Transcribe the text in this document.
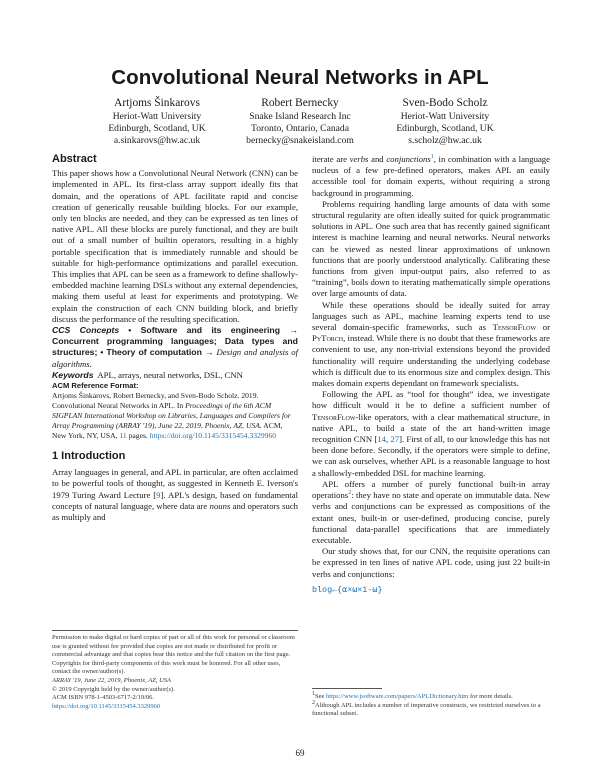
Convolutional Neural Networks in APL
Artjoms Šinkarovs
Heriot-Watt University
Edinburgh, Scotland, UK
a.sinkarovs@hw.ac.uk
Robert Bernecky
Snake Island Research Inc
Toronto, Ontario, Canada
bernecky@snakeisland.com
Sven-Bodo Scholz
Heriot-Watt University
Edinburgh, Scotland, UK
s.scholz@hw.ac.uk
Abstract

This paper shows how a Convolutional Neural Network (CNN) can be implemented in APL. Its first-class array support ideally fits that domain, and the operations of APL facilitate rapid and concise creation of generically reusable building blocks. For our example, only ten blocks are needed, and they can be expressed as ten lines of native APL. All these blocks are purely functional, and they are built out of a small number of builtin operators, resulting in a highly portable specification that is immediately runnable and should be suitable for high-performance optimizations and parallel execution. This implies that APL can be seen as a framework to define shallowly-embedded machine learning DSLs without any external dependencies, making them useful at least for experiments and prototyping. We explain the construction of each CNN building block, and briefly discuss the performance of the resulting specification.

CCS Concepts • Software and its engineering → Concurrent programming languages; Data types and structures; • Theory of computation → Design and analysis of algorithms.

Keywords APL, arrays, neural networks, DSL, CNN

ACM Reference Format:
Artjoms Šinkarovs, Robert Bernecky, and Sven-Bodo Scholz. 2019. Convolutional Neural Networks in APL. In Proceedings of the 6th ACM SIGPLAN International Workshop on Libraries, Languages and Compilers for Array Programming (ARRAY '19), June 22, 2019, Phoenix, AZ, USA. ACM, New York, NY, USA, 11 pages. https://doi.org/10.1145/3315454.3329960

1 Introduction

Array languages in general, and APL in particular, are often acclaimed to be powerful tools of thought, as suggested in Kenneth E. Iverson's 1979 Turing Award Lecture [9]. APL's design, based on fundamental concepts of natural language, where data are nouns and operators such as multiply and

Permission to make digital or hard copies of part or all of this work for personal or classroom use is granted without fee provided that copies are not made or distributed for profit or commercial advantage and that copies bear this notice and the full citation on the first page. Copyrights for third-party components of this work must be honored. For all other uses, contact the owner/author(s).
ARRAY '19, June 22, 2019, Phoenix, AZ, USA
© 2019 Copyright held by the owner/author(s).
ACM ISBN 978-1-4503-6717-2/19/06.
https://doi.org/10.1145/3315454.3329960

iterate are verbs and conjunctions$^1$, in combination with a language nucleus of a few pre-defined operators, makes APL an easily accessible tool for domain experts, without requiring a strong background in programming.

Problems requiring handling large amounts of data with some structural regularity are often ideally suited for quick programmatic solutions in APL. One such area that has recently gained significant interest is machine learning and neural networks. Neural networks can be viewed as nested linear approximations of unknown functions that are poorly understood analytically. Calibrating these functions from given input-output pairs, also referred to as “training”, boils down to iterating mathematically simple operations over large amounts of data.

While these operations should be ideally suited for array languages such as APL, machine learning experts tend to use several domain-specific frameworks, such as TensorFlow or PyTorch, instead. While there is no doubt that these frameworks are convenient to use, any non-trivial extensions beyond the provided functionality will require understanding the underlying codebase which is difficult due to its enormous size and complex design. This makes domain experts dependant on framework specialists.

Following the APL as “tool for thought” idea, we investigate how difficult would it be to define a sufficient number of TensorFlow-like operators, with a clear mathematical structure, in native APL, to build a state of the art hand-written image recognition CNN [14, 27]. First of all, to our knowledge this has not been done before. Secondly, if the operators were simple to define, we can ask ourselves, whether APL is a reasonable language to host a shallowly-embedded DSL for machine learning.

APL offers a number of purely functional built-in array operations$^2$: they have no state and operate on immutable data. New verbs and conjunctions can be expressed as compositions of the extant ones, built-in or user-defined, producing concise, purely functional data-parallel specifications that are immediately executable.

Our study shows that, for our CNN, the requisite operations can be expressed in ten lines of native APL code, using just 22 built-in verbs and conjunctions:

blog←{⍺×⍵×1-⍵}
$^1$See https://www.jsoftware.com/papers/APLDictionary.htm for more details.
$^2$Although APL includes a number of imperative constructs, we restricted ourselves to a functional subset.
69
